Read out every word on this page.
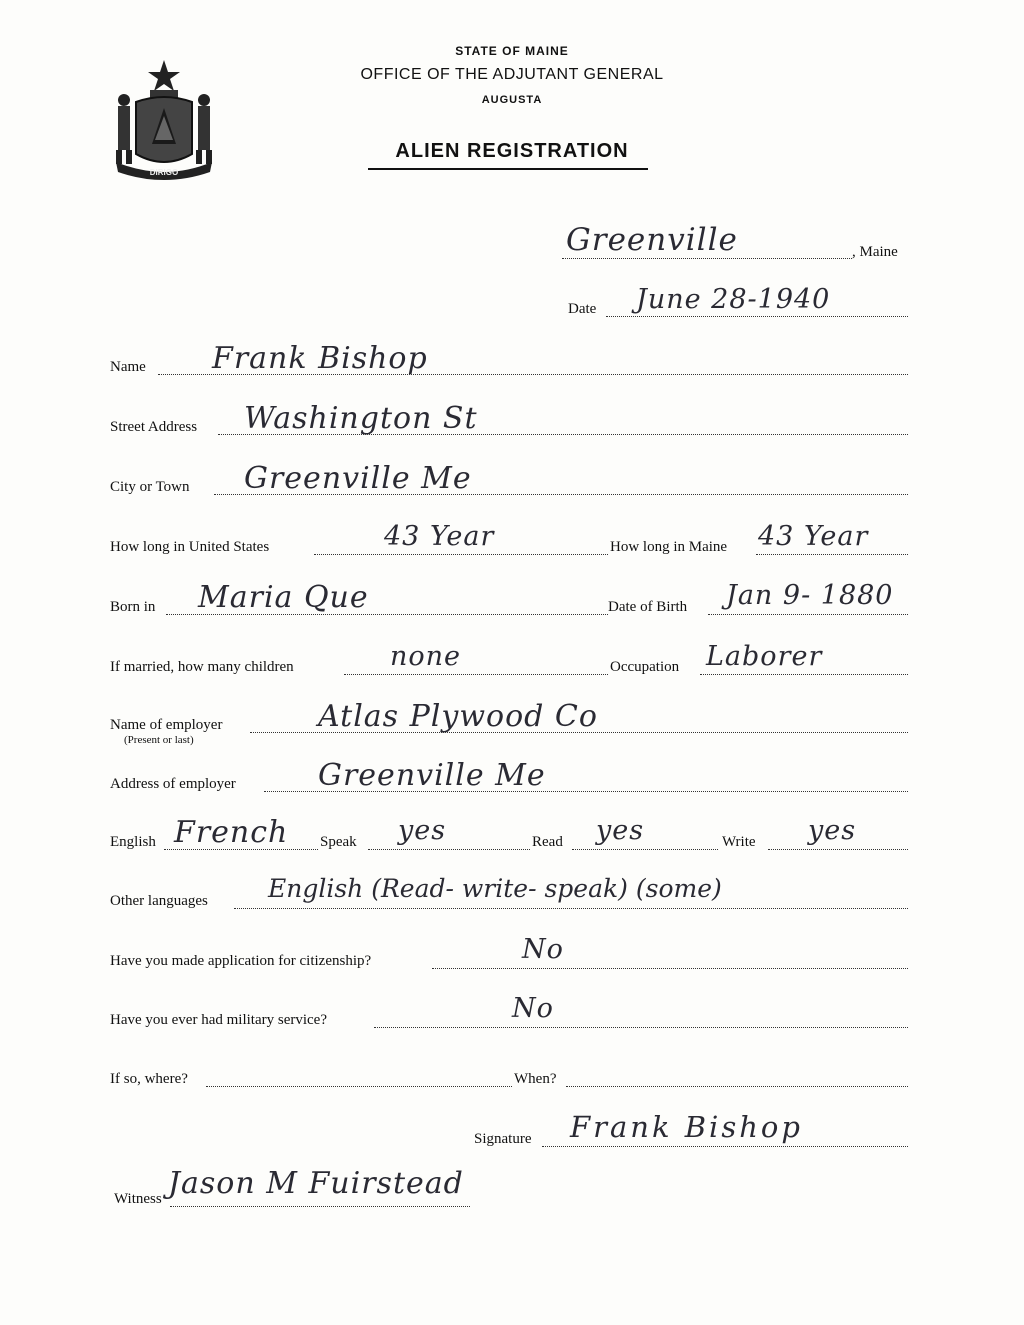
STATE OF MAINE
OFFICE OF THE ADJUTANT GENERAL
AUGUSTA
ALIEN REGISTRATION
DIRIGO
Greenville	, Maine
Date June 28-1940
Name Frank Bishop
Street Address Washington St
City or Town Greenville Me
How long in United States	43 Year	How long in Maine 43 Year
Born in Maria Que	Date of Birth Jan 9- 1880
If married, how many children	none	Occupation Laborer
Name of employer
(Present or last)
Atlas Plywood Co
Address of employer	Greenville Me
English French Speak yes	Read yes	Write yes
Other languages English (Read- write- speak) (some)
Have you made application for citizenship?	No
Have you ever had military service?	No
If so, where?	When?
Signature Frank Bishop
Witness Jason M Fuirstead
